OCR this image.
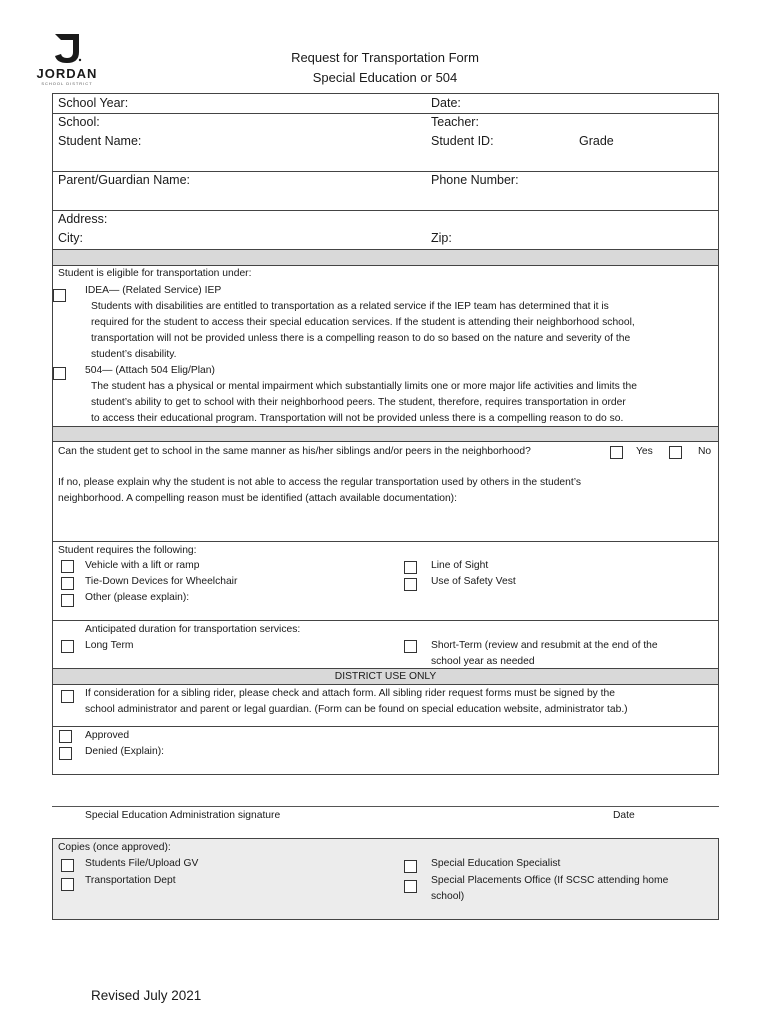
JORDAN
SCHOOL DISTRICT
Request for Transportation Form
Special Education or 504
School Year:	Date:
School:	Teacher:
Student Name:	Student ID:	Grade
Parent/Guardian Name:	Phone Number:
Address:
City:	Zip:
Student is eligible for transportation under:
IDEA— (Related Service) IEP
Students with disabilities are entitled to transportation as a related service if the IEP team has determined that it is
required for the student to access their special education services. If the student is attending their neighborhood school,
transportation will not be provided unless there is a compelling reason to do so based on the nature and severity of the
student’s disability.
504— (Attach 504 Elig/Plan)
The student has a physical or mental impairment which substantially limits one or more major life activities and limits the
student’s ability to get to school with their neighborhood peers. The student, therefore, requires transportation in order
to access their educational program. Transportation will not be provided unless there is a compelling reason to do so.
Can the student get to school in the same manner as his/her siblings and/or peers in the neighborhood?	Yes	No
If no, please explain why the student is not able to access the regular transportation used by others in the student’s
neighborhood. A compelling reason must be identified (attach available documentation):
Student requires the following:
Vehicle with a lift or ramp
Tie-Down Devices for Wheelchair
Other (please explain):
Line of Sight
Use of Safety Vest
Anticipated duration for transportation services:
Long Term	Short-Term (review and resubmit at the end of the
school year as needed
DISTRICT USE ONLY
If consideration for a sibling rider, please check and attach form. All sibling rider request forms must be signed by the
school administrator and parent or legal guardian. (Form can be found on special education website, administrator tab.)
Approved
Denied (Explain):
Special Education Administration signature	Date
Copies (once approved):
Students File/Upload GV
Transportation Dept
Special Education Specialist
Special Placements Office (If SCSC attending home
school)
Revised July 2021
